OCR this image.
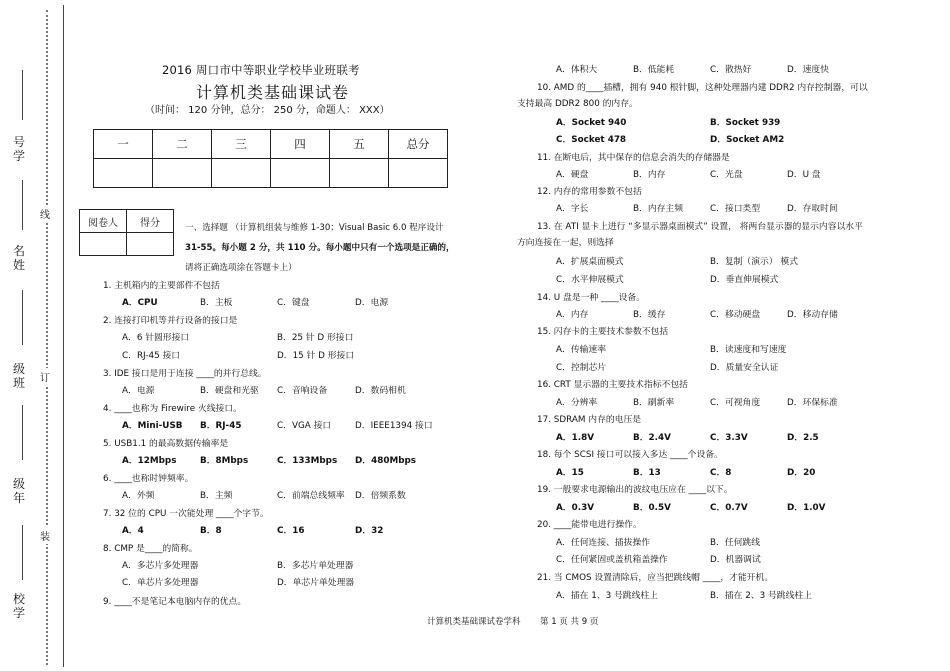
号学
名姓
级班
级年
校学
线
订
装
2016 周口市中等职业学校毕业班联考
计算机类基础课试卷
（时间： 120 分钟，总分： 250 分，命题人： XXX）
一	二	三	四	五	总分

阅卷人	得分
		一、选择题 （计算机组装与维修 1-30；Visual Basic 6.0 程序设计
31-55。每小题 2 分，共 110 分。每小题中只有一个选项是正确的，
请将正确选项涂在答题卡上）
1. 主机箱内的主要部件不包括
A．CPU	B．主板	C．键盘	D．电源
2. 连接打印机等并行设备的接口是
A．6 针圆形接口	B．25 针 D 形接口
C．RJ-45 接口	D．15 针 D 形接口
3. IDE 接口是用于连接 ____的并行总线。
A．电源	B．硬盘和光驱 C．音响设备	D．数码相机
4. ____也称为 Firewire 火线接口。
A．Mini-USB B．RJ-45	C．VGA 接口	D．IEEE1394 接口
5. USB1.1 的最高数据传输率是
A．12Mbps	B．8Mbps	C．133Mbps D．480Mbps
6. ____也称时钟频率。
A．外频	B．主频	C．前端总线频率 D．倍频系数
7. 32 位的 CPU 一次能处理 ____个字节。
A．4	B．8	C．16	D．32
8. CMP 是____的简称。
A．多芯片多处理器	B．多芯片单处理器
C．单芯片多处理器	D．单芯片单处理器
9. ____不是笔记本电脑内存的优点。
A．体积大	B．低能耗	C．散热好	D．速度快
10. AMD 的____插槽，拥有 940 根针脚，这种处理器内建 DDR2 内存控制器，可以
支持最高 DDR2 800 的内存。
A．Socket 940	B．Socket 939
C．Socket 478	D．Socket AM2
11. 在断电后，其中保存的信息会消失的存储器是
A．硬盘	B．内存	C．光盘	D．U 盘
12. 内存的常用参数不包括
A．字长	B．内存主频	C．接口类型	D．存取时间
13. 在 ATI 显卡上进行 “多显示器桌面模式” 设置， 将两台显示器的显示内容以水平
方向连接在一起，则选择
A．扩展桌面模式	B．复制（演示） 模式
C．水平伸展模式	D．垂直伸展模式
14. U 盘是一种 ____设备。
A．内存	B．缓存	C．移动硬盘	D．移动存储
15. 闪存卡的主要技术参数不包括
A．传输速率	B．读速度和写速度
C．控制芯片	D．质量安全认证
16. CRT 显示器的主要技术指标不包括
A．分辨率	B．刷新率	C．可视角度	D．环保标准
17. SDRAM 内存的电压是
A．1.8V	B．2.4V	C．3.3V	D．2.5
18. 每个 SCSI 接口可以接入多达 ____个设备。
A．15	B．13	C．8	D．20
19. 一般要求电源输出的波纹电压应在 ____以下。
A．0.3V	B．0.5V	C．0.7V	D．1.0V
20. ____能带电进行操作。
A．任何连接、插拔操作	B．任何跳线
C．任何紧固或盖机箱盖操作	D．机器调试
21. 当 CMOS 设置清除后，应当把跳线帽 ____，才能开机。
A．插在 1、3 号跳线柱上	B．插在 2、3 号跳线柱上
计算机类基础课试卷学科 第 1 页 共 9 页
